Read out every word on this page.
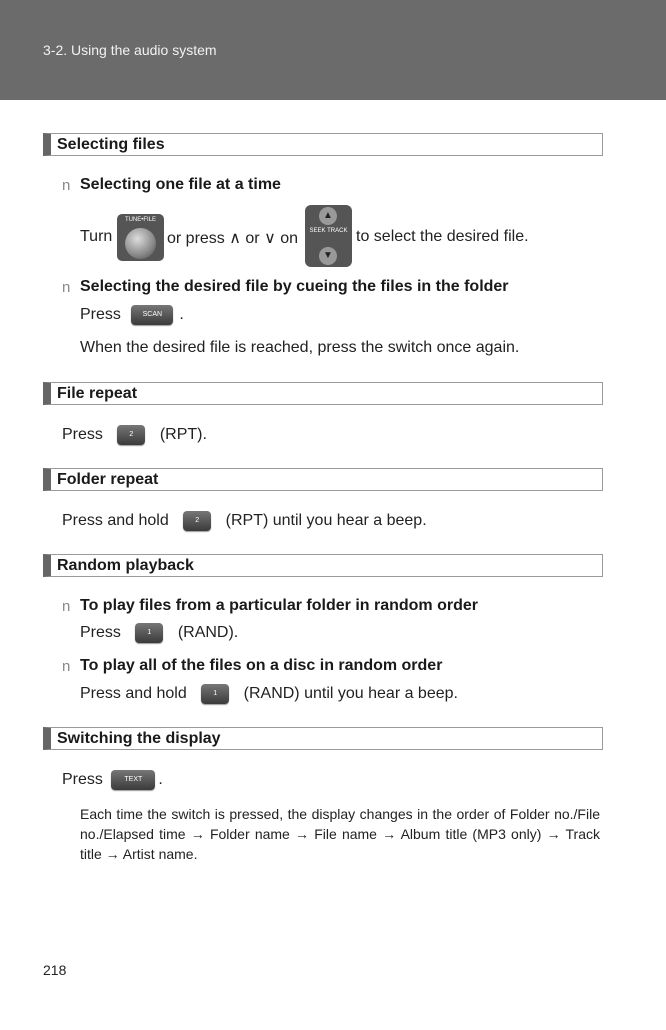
3-2. Using the audio system
Selecting files
n Selecting one file at a time
Turn
TUNE•FILE
or press ∧ or ∨ on
▲
SEEK TRACK
▼
to select the desired file.
n Selecting the desired file by cueing the files in the folder
Press	SCAN .
When the desired file is reached, press the switch once again.
File repeat
Press	2 (RPT).
Folder repeat
Press and hold	2 (RPT) until you hear a beep.
Random playback
n To play files from a particular folder in random order
Press	1 (RAND).
n To play all of the files on a disc in random order
Press and hold	1 (RAND) until you hear a beep.
Switching the display
Press	TEXT .
Each time the switch is pressed, the display changes in the order of Folder no./File no./Elapsed time → Folder name → File name → Album title (MP3 only) → Track title → Artist name.
218
